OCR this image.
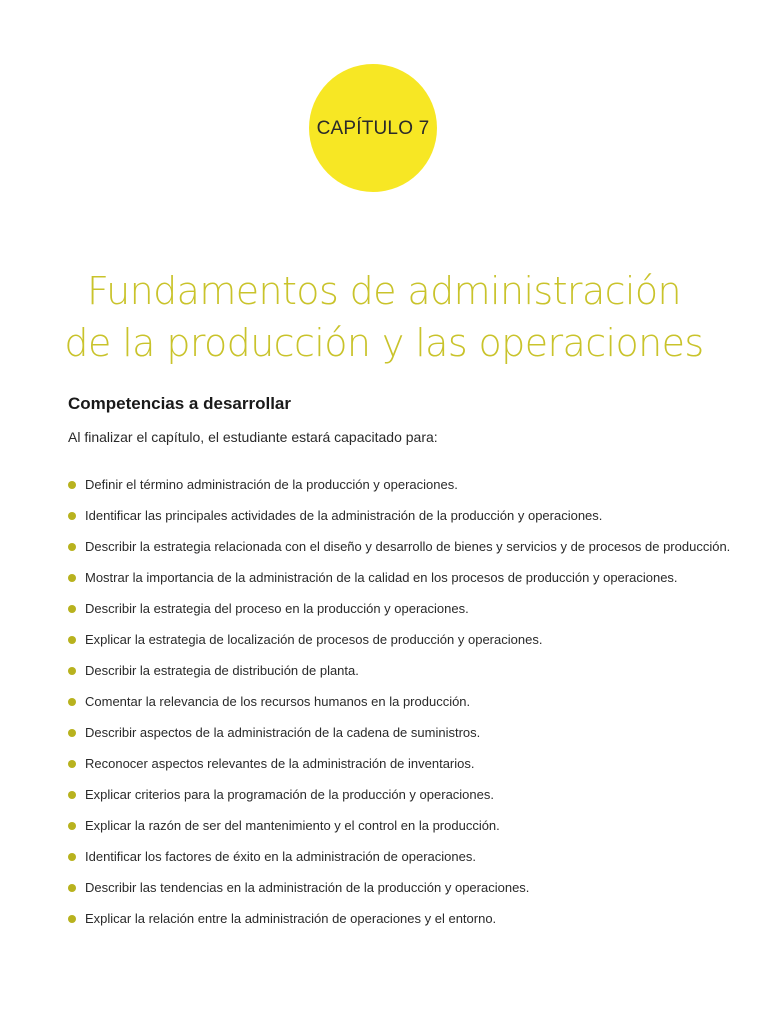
CAPÍTULO 7
Fundamentos de administración
de la producción y las operaciones
Competencias a desarrollar

Al finalizar el capítulo, el estudiante estará capacitado para:

Definir el término administración de la producción y operaciones.
Identificar las principales actividades de la administración de la producción y operaciones.
Describir la estrategia relacionada con el diseño y desarrollo de bienes y servicios y de procesos de producción.
Mostrar la importancia de la administración de la calidad en los procesos de producción y operaciones.
Describir la estrategia del proceso en la producción y operaciones.
Explicar la estrategia de localización de procesos de producción y operaciones.
Describir la estrategia de distribución de planta.
Comentar la relevancia de los recursos humanos en la producción.
Describir aspectos de la administración de la cadena de suministros.
Reconocer aspectos relevantes de la administración de inventarios.
Explicar criterios para la programación de la producción y operaciones.
Explicar la razón de ser del mantenimiento y el control en la producción.
Identificar los factores de éxito en la administración de operaciones.
Describir las tendencias en la administración de la producción y operaciones.
Explicar la relación entre la administración de operaciones y el entorno.
